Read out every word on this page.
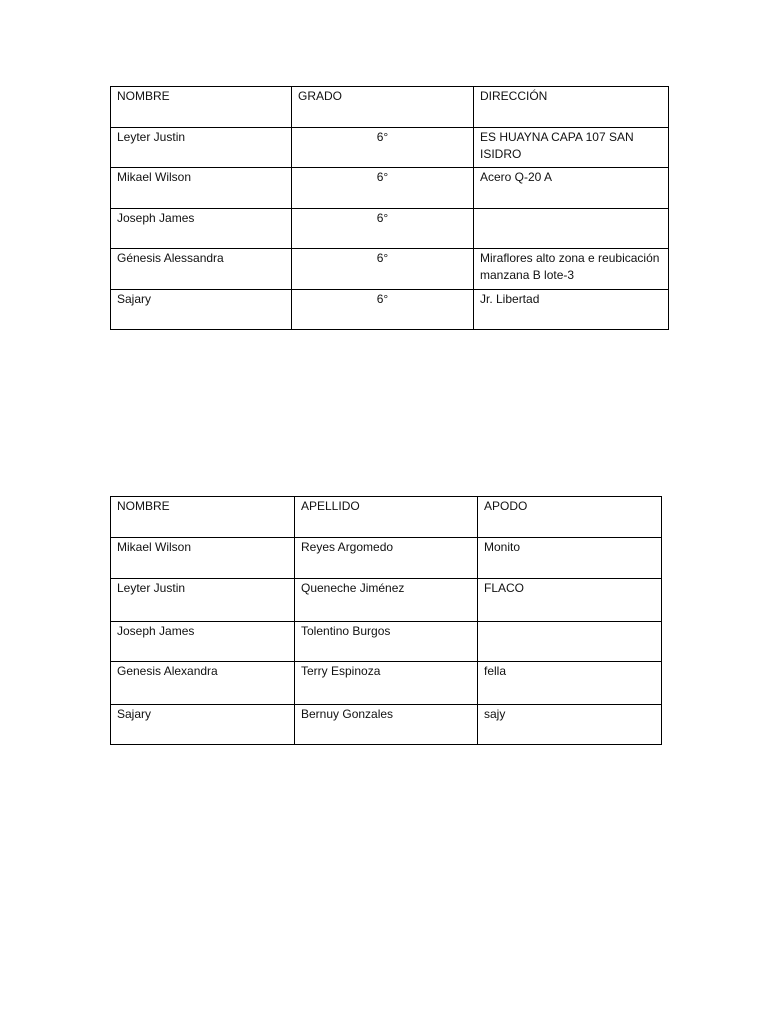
NOMBRE	GRADO	DIRECCIÓN
Leyter Justin	6°	ES HUAYNA CAPA 107 SAN ISIDRO
Mikael Wilson	6°	Acero Q-20 A
Joseph James	6°	
Génesis Alessandra	6°	Miraflores alto zona e reubicación manzana B lote-3
Sajary	6°	Jr. Libertad
NOMBRE	APELLIDO	APODO
Mikael Wilson	Reyes Argomedo	Monito
Leyter Justin	Queneche Jiménez	FLACO
Joseph James	Tolentino Burgos	
Genesis Alexandra	Terry Espinoza	fella
Sajary	Bernuy Gonzales	sajy
